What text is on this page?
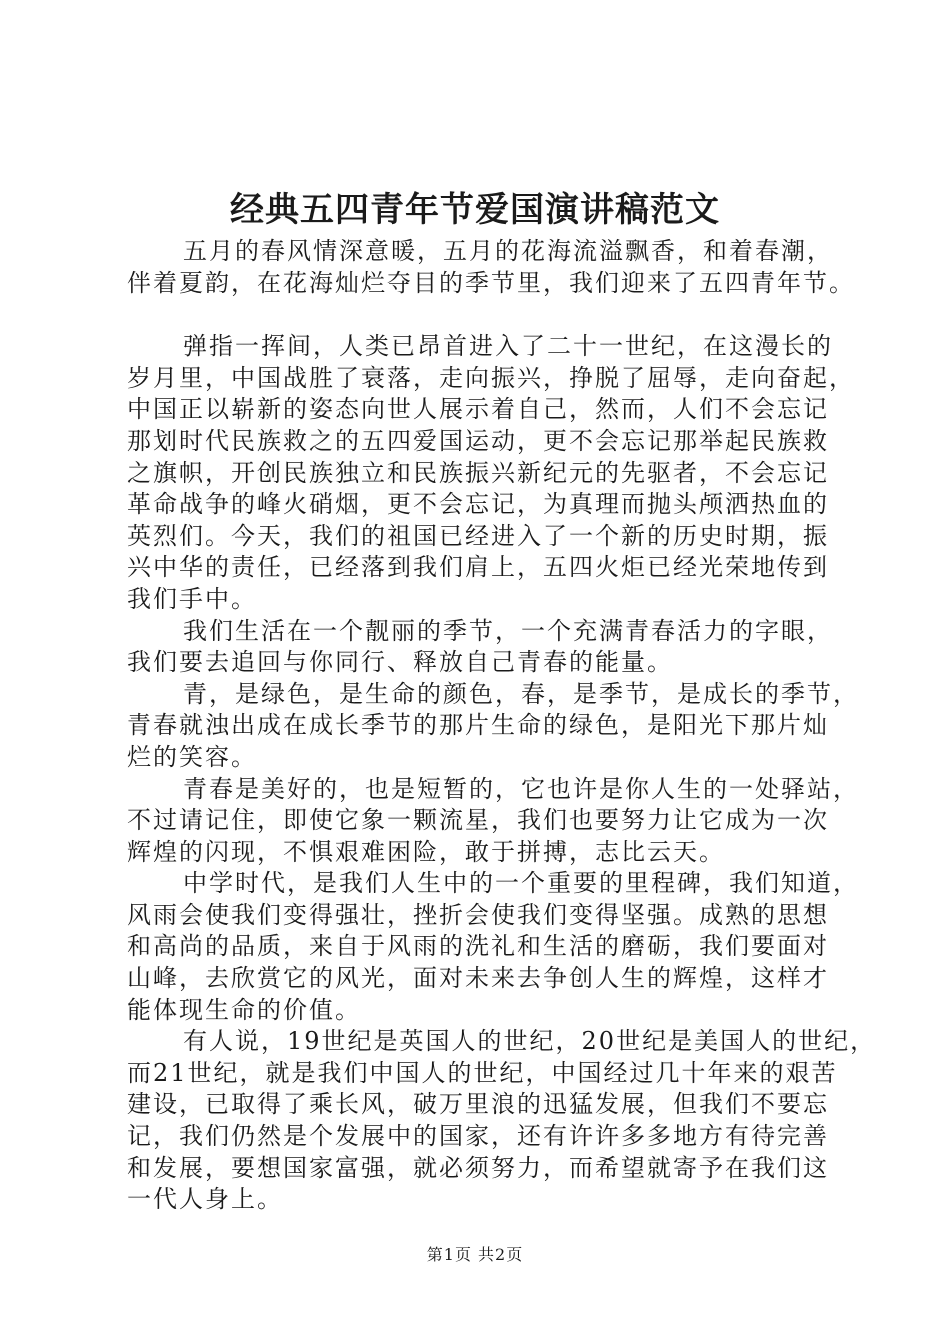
经典五四青年节爱国演讲稿范文
五月的春风情深意暖，五月的花海流溢飘香，和着春潮，
伴着夏韵，在花海灿烂夺目的季节里，我们迎来了五四青年节。
弹指一挥间，人类已昂首进入了二十一世纪，在这漫长的
岁月里，中国战胜了衰落，走向振兴，挣脱了屈辱，走向奋起，
中国正以崭新的姿态向世人展示着自己，然而，人们不会忘记
那划时代民族救之的五四爱国运动，更不会忘记那举起民族救
之旗帜，开创民族独立和民族振兴新纪元的先驱者，不会忘记
革命战争的峰火硝烟，更不会忘记，为真理而抛头颅洒热血的
英烈们。今天，我们的祖国已经进入了一个新的历史时期，振
兴中华的责任，已经落到我们肩上，五四火炬已经光荣地传到
我们手中。
我们生活在一个靓丽的季节，一个充满青春活力的字眼，
我们要去追回与你同行、释放自己青春的能量。
青，是绿色，是生命的颜色，春，是季节，是成长的季节，
青春就浊出成在成长季节的那片生命的绿色，是阳光下那片灿
烂的笑容。
青春是美好的，也是短暂的，它也许是你人生的一处驿站，
不过请记住，即使它象一颗流星，我们也要努力让它成为一次
辉煌的闪现，不惧艰难困险，敢于拼搏，志比云天。
中学时代，是我们人生中的一个重要的里程碑，我们知道，
风雨会使我们变得强壮，挫折会使我们变得坚强。成熟的思想
和高尚的品质，来自于风雨的洗礼和生活的磨砺，我们要面对
山峰，去欣赏它的风光，面对未来去争创人生的辉煌，这样才
能体现生命的价值。
有人说，19世纪是英国人的世纪，20世纪是美国人的世纪，
而21世纪，就是我们中国人的世纪，中国经过几十年来的艰苦
建设，已取得了乘长风，破万里浪的迅猛发展，但我们不要忘
记，我们仍然是个发展中的国家，还有许许多多地方有待完善
和发展，要想国家富强，就必须努力，而希望就寄予在我们这
一代人身上。
第1页 共2页
